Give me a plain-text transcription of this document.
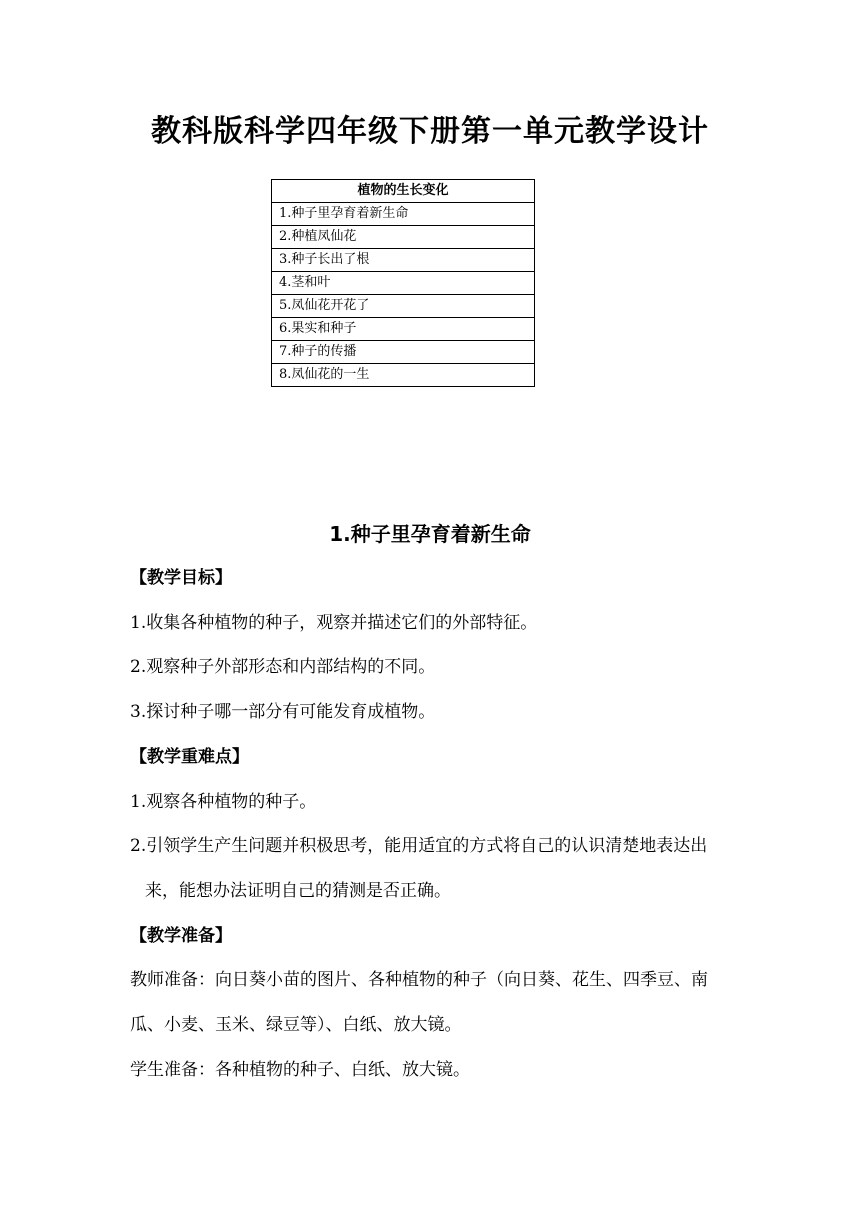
教科版科学四年级下册第一单元教学设计
植物的生长变化
1.种子里孕育着新生命
2.种植凤仙花
3.种子长出了根
4.茎和叶
5.凤仙花开花了
6.果实和种子
7.种子的传播
8.凤仙花的一生
1.种子里孕育着新生命

【教学目标】

1.收集各种植物的种子，观察并描述它们的外部特征。

2.观察种子外部形态和内部结构的不同。

3.探讨种子哪一部分有可能发育成植物。

【教学重难点】

1.观察各种植物的种子。

2.引领学生产生问题并积极思考，能用适宜的方式将自己的认识清楚地表达出来，能想办法证明自己的猜测是否正确。

【教学准备】

教师准备：向日葵小苗的图片、各种植物的种子（向日葵、花生、四季豆、南瓜、小麦、玉米、绿豆等）、白纸、放大镜。

学生准备：各种植物的种子、白纸、放大镜。
